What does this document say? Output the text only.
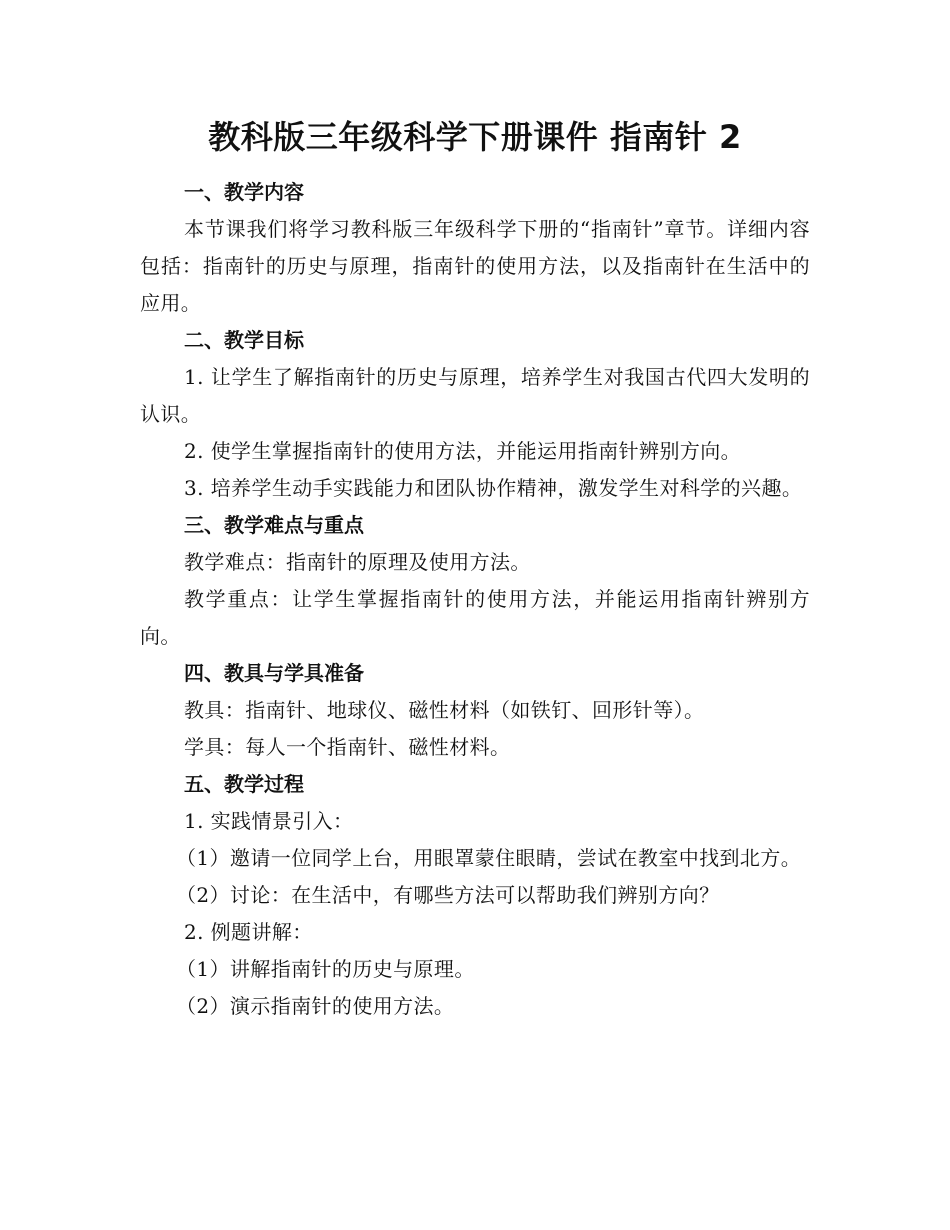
教科版三年级科学下册课件 指南针 2
一、教学内容

本节课我们将学习教科版三年级科学下册的“指南针”章节。详细内容包括：指南针的历史与原理，指南针的使用方法，以及指南针在生活中的应用。

二、教学目标

1. 让学生了解指南针的历史与原理，培养学生对我国古代四大发明的认识。

2. 使学生掌握指南针的使用方法，并能运用指南针辨别方向。

3. 培养学生动手实践能力和团队协作精神，激发学生对科学的兴趣。

三、教学难点与重点

教学难点：指南针的原理及使用方法。

教学重点：让学生掌握指南针的使用方法，并能运用指南针辨别方向。

四、教具与学具准备

教具：指南针、地球仪、磁性材料（如铁钉、回形针等）。

学具：每人一个指南针、磁性材料。

五、教学过程

1. 实践情景引入：

（1）邀请一位同学上台，用眼罩蒙住眼睛，尝试在教室中找到北方。

（2）讨论：在生活中，有哪些方法可以帮助我们辨别方向？

2. 例题讲解：

（1）讲解指南针的历史与原理。

（2）演示指南针的使用方法。
